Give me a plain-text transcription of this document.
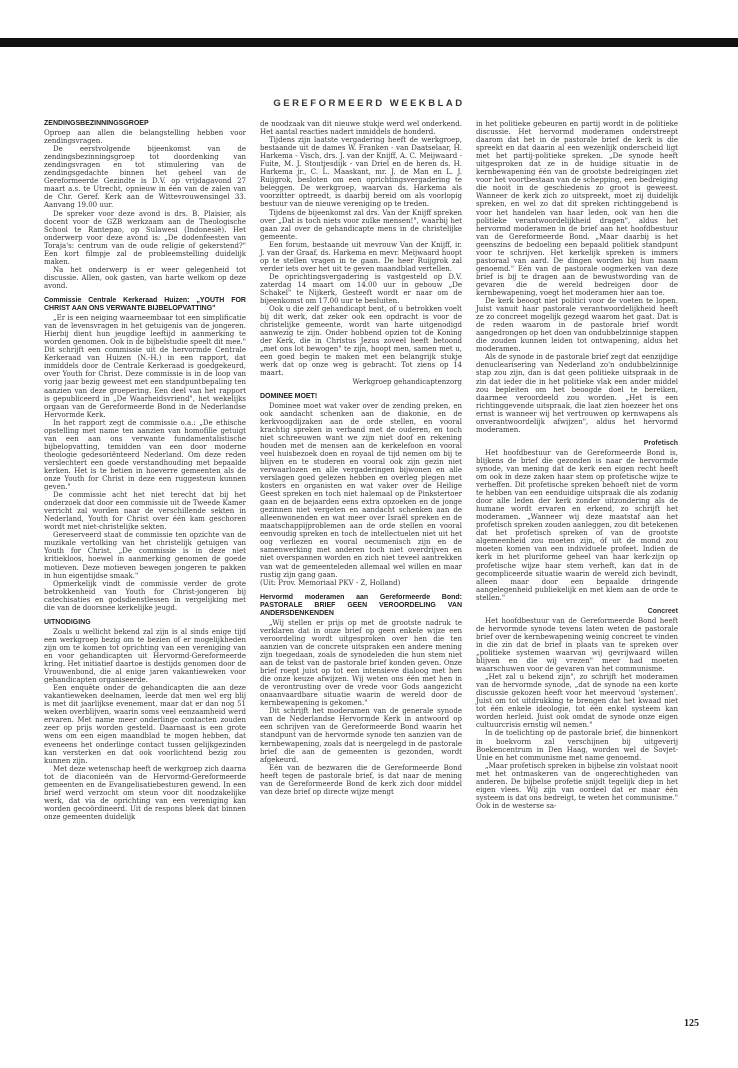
GEREFORMEERD WEEKBLAD
ZENDINGSBEZINNINGSGROEP

Oproep aan allen die belangstelling hebben voor zendingsvragen.

De eerstvolgende bijeenkomst van de zendingsbezinningsgroep tot doordenking van zendingsvragen en tot stimulering van de zendingsgedachte binnen het geheel van de Gereformeerde Gezindte is D.V. op vrijdagavond 27 maart a.s. te Utrecht, opnieuw in één van de zalen van de Chr. Geref. Kerk aan de Wittevrouwensingel 33. Aanvang 19.00 uur.

De spreker voor deze avond is drs. B. Plaisier, als docent voor de GZB werkzaam aan de Theologische School te Rantepao, op Sulawesi (Indonesië). Het onderwerp voor deze avond is: „De dodenfeesten van Toraja's: centrum van de oude religie of gekerstend?" Een kort filmpje zal de probleemstelling duidelijk maken.

Na het onderwerp is er weer gelegenheid tot discussie. Allen, ook gasten, van harte welkom op deze avond.

Commissie Centrale Kerkeraad Huizen: „YOUTH FOR CHRIST AAN ONS VERWANTE BIJBELOPVATTING"

„Er is een neiging waarneembaar tot een simplificatie van de levensvragen in het getuigenis van de jongeren. Hierbij dient hun jeugdige leeftijd in aanmerking te worden genomen. Ook in de bijbelstudie speelt dit mee." Dit schrijft een commissie uit de hervormde Centrale Kerkeraad van Huizen (N.-H.) in een rapport, dat inmiddels door de Centrale Kerkeraad is goedgekeurd, over Youth for Christ. Deze commissie is in de loop van vorig jaar bezig geweest met een standpuntbepaling ten aanzien van deze groepering. Een deel van het rapport is gepubliceerd in „De Waarheidsvriend", het wekelijks orgaan van de Gereformeerde Bond in de Nederlandse Hervormde Kerk.

In het rapport zegt de commissie o.a.: „De ethische opstelling met name ten aanzien van homofilie getuigt van een aan ons verwante fundamentalistische bijbelopvatting, temidden van een door moderne theologie gedesoriënteerd Nederland. Om deze reden verslechtert een goede verstandhouding met bepaalde kerken. Het is te betien in hoeverre gemeenten als de onze Youth for Christ in deze een ruggesteun kunnen geven."

De commissie acht het niet terecht dat bij het onderzoek dat door een commissie uit de Tweede Kamer verricht zal worden naar de verschillende sekten in Nederland, Youth for Christ over één kam geschoren wordt met niet-christelijke sekten.

Gereserveerd staat de commissie ten opzichte van de muzikale vertolking van het christelijk getuigen van Youth for Christ. „De commissie is in deze niet kritiekloos, hoewel in aanmerking genomen de goede motieven. Deze motieven bewegen jongeren te pakken in hun eigentijdse smaak."

Opmerkelijk vindt de commissie verder de grote betrokkenheid van Youth for Christ-jongeren bij catechisaties en godsdienstlessen in vergelijking met die van de doorsnee kerkelijke jeugd.

UITNODIGING

Zoals u wellicht bekend zal zijn is al sinds enige tijd een werkgroep bezig om te bezien of er mogelijkheden zijn om te komen tot oprichting van een vereniging van en voor gehandicapten uit Hervormd-Gereformeerde kring. Het initiatief daartoe is destijds genomen door de Vrouwenbond, die al enige jaren vakantieweken voor gehandicapten organiseerde.

Een enquête onder de gehandicapten die aan deze vakantieweken deelnamen, leerde dat men wel erg blij is met dit jaarlijkse evenement, maar dat er dan nog 51 weken overblijven, waarin soms veel eenzaamheid werd ervaren. Met name meer onderlinge contacten zouden zeer op prijs worden gesteld. Daarnaast is een grote wens om een eigen maandblad te mogen hebben, dat eveneens het onderlinge contact tussen gelijkgezinden kan versterken en dat ook voorlichtend bezig zou kunnen zijn.

Met deze wetenschap heeft de werkgroep zich daarna tot de diaconieën van de Hervormd-Gereformeerde gemeenten en de Evangelisatiebesturen gewend. In een brief werd verzocht om steun voor dit noodzakelijke werk, dat via de oprichting van een vereniging kan worden gecoördineerd. Uit de respons bleek dat binnen onze gemeenten duidelijk

de noodzaak van dit nieuwe stukje werd wel onderkend. Het aantal reacties nadert inmiddels de honderd.

Tijdens zijn laatste vergadering heeft de werkgroep, bestaande uit de dames W. Franken - van Daatselaar, H. Harkema - Visch, drs. J. van der Knijff, A. C. Meijwaard - Fuite, M. J. Stoutjesdijk - van Driel en de heren ds. H. Harkema jr., C. L. Maaskant, mr. J. de Man en L. J. Ruijgrok, besloten om een oprichtingsvergadering te beleggen. De werkgroep, waarvan ds. Harkema als voorzitter optreedt, is daarbij bereid om als voorlopig bestuur van de nieuwe vereniging op te treden.

Tijdens de bijeenkomst zal drs. Van der Knijff spreken over „Dat is toch niets voor zulke mensen!", waarbij het gaan zal over de gehandicapte mens in de christelijke gemeente.

Een forum, bestaande uit mevrouw Van der Knijff, ir. J. van der Graaf, ds. Harkema en mevr. Meijwaard hoopt op te stellen vragen in te gaan. De heer Ruijgrok zal verder iets over het uit te geven maandblad vertellen.

De oprichtingsvergadering is vastgesteld op D.V. zaterdag 14 maart om 14.00 uur in gebouw „De Schakel" te Nijkerk, Gesteeft wordt er naar om de bijeenkomst om 17.00 uur te besluiten.

Ook u die zelf gehandicapt bent, of u betrokken voelt bij dit werk, dat zeker ook een opdracht is voor de christelijke gemeente, wordt van harte uitgenodigd aanwezig te zijn. Onder hobbend opzien tot de Koning der Kerk, die in Christus Jezus zoveel heeft betoond „met ons lot bewogen" te zijn, hoopt men, samen met u, een goed begin te maken met een belangrijk stukje werk dat op onze weg is gebracht. Tot ziens op 14 maart.

Werkgroep gehandicaptenzorg

DOMINEE MOET!

Dominee moet wat vaker over de zending preken, en ook aandacht schenken aan de diakonie, en de kerkvoogdijzaken aan de orde stellen, en vooral krachtig spreken in verband met de ouderen, en toch niet schreeuwen want we zijn niet doof en rekening houden met de mensen aan de kerkelefoon en vooral veel huisbezoek doen en royaal de tijd nemen om bij te blijven en te studeren en vooral ook zijn gezin niet verwaarlozen en alle vergaderingen bijwonen en alle verslagen goed gelezen hebben en overleg plegen met kosters en organisten en wat vaker over de Heilige Geest spreken en toch niet halemaal op de Pinkstertoer gaan en de bejaarden eens extra opzoeken en de jonge gezinnen niet vergeten en aandacht schenken aan de alleenwonenden en wat meer over Israël spreken en de maatschappijproblemen aan de orde stellen en vooral eenvoudig spreken en toch de intellectuelen niet uit het oog verliezen en vooral oecumenisch zijn en de samenwerking met anderen toch niet overdrijven en niet overspannen worden en zich niet teveel aantrekken van wat de gemeenteleden allemaal wel willen en maar rustig zijn gang gaan.

(Uit: Prov. Memoriaal PKV - Z, Holland)

Hervormd moderamen aan Gereformeerde Bond: PASTORALE BRIEF GEEN VEROORDELING VAN ANDERSDENKENDEN

„Wij stellen er prijs op met de grootste nadruk te verklaren dat in onze brief op geen enkele wijze een veroordeling wordt uitgesproken over hen die ten aanzien van de concrete uitspraken een andere mening zijn toegedaan, zoals de synodeleden die hun stem niet aan de tekst van de pastorale brief konden geven. Onze brief roept juist op tot een intensieve dialoog met hen die onze keuze afwijzen. Wij weten ons één met hen in de verontrusting over de vrede voor Gods aangezicht onaanvaardbare situatie waarin de wereld door de kernbewapening is gekomen."

Dit schrijft het moderamen van de generale synode van de Nederlandse Hervormde Kerk in antwoord op een schrijven van de Gereformeerde Bond waarin het standpunt van de hervormde synode ten aanzien van de kernbewapening, zoals dat is neergelegd in de pastorale brief die aan de gemeenten is gezonden, wordt afgekeurd.

Eén van de bezwaren die de Gereformeerde Bond heeft tegen de pastorale brief, is dat naar de mening van de Gereformeerde Bond de kerk zich door middel van deze brief op directe wijze mengt

in het politieke gebeuren en partij wordt in de politieke discussie. Het hervormd moderamen onderstreept daarom dat het in de pastorale brief de kerk is die spreekt en dat daarin al een wezenlijk onderscheid ligt met het partij-politieke spreken. „De synode heeft uitgesproken dat ze in de huidige situatie in de kernbewapening één van de grootste bedreigingen ziet voor het voortbestaan van de schepping, een bedreiging die nooit in de geschiedenis zo groot is geweest. Wanneer de kerk zich zo uitspreekt, moet zij duidelijk spreken, en wel zo dat dit spreken richtinggebend is voor het handelen van haar leden, ook van hen die politieke verantwoordelijkheid dragen", aldus het hervormd moderamen in de brief aan het hoofdbestuur van de Gereformeerde Bond. „Maar daarbij is het geenszins de bedoeling een bepaald politiek standpunt voor te schrijven. Het kerkelijk spreken is immers pastoraal van aard. De dingen worden bij hun naam genoemd." Eén van de pastorale oogmerken van deze brief is bij te dragen aan de bewustwording van de gevaren die de wereld bedreigen door de kernbewapening, voegt het moderamen hier aan toe.

De kerk beoogt niet politici voor de voeten te lopen. Juist vanuit haar pastorale verantwoordelijkheid heeft ze zo concreet mogelijk gezegd waarom het gaat. Dat is de reden waarom in de pastorale brief wordt aangedrongen op het doen van ondubbelzinnige stappen die zouden kunnen leiden tot ontwapening, aldus het moderamen.

Als de synode in de pastorale brief zegt dat eenzijdige denuclearisering van Nederland zo'n ondubbelzinnige stap zou zijn, dan is dat geen politieke uitspraak in de zin dat ieder die in het politieke vlak een ander middel zou bepleiten om het beoogde doel te bereiken, daarmee veroordeeld zou worden. „Het is een richtinggevende uitspraak, die laat zien hoezeer het ons ernst is wanneer wij het vertrouwen op kernwapens als onverantwoordelijk afwijzen", aldus het hervormd moderamen.

Profetisch

Het hoofdbestuur van de Gereformeerde Bond is, blijkens de brief die gezonden is naar de hervormde synode, van mening dat de kerk een eigen recht heeft om ook in deze zaken haar stem op profetische wijze te verheffen. Dit profetische spreken behoeft niet de vorm te hebben van een eenduidige uitspraak die als zodanig door alle leden der kerk zonder uitzondering als de humane wordt ervaren en erkend, zo schrijft het moderamen. „Wanneer wij deze maatstaf aan het profetisch spreken zouden aanleggen, zou dit betekenen dat het profetisch spreken of van de grootste algemeenheid zou moeten zijn, óf uit de mond zou moeten komen van een individuele profeet. Indien de kerk in het pluriforme geheel van haar kerk-zijn op profetische wijze haar stem verheft, kan dat in de gecompliceerde situatie waarin de wereld zich bevindt, alleen maar door een bepaalde dringende aangelegenheid publiekelijk en met klem aan de orde te stellen."

Concreet

Het hoofdbestuur van de Gereformeerde Bond heeft de hervormde synode tevens laten weten de pastorale brief over de kernbewapening weinig concreet te vinden in die zin dat de brief in plaats van te spreken over „politieke systemen waarvan wij gevrijwaard willen blijven en die wij vrezen" meer had moeten waarschuwen voor de gevaren van het communisme.

„Het zal u bekend zijn", zo schrijft het moderamen van de hervormde synode, „dat de synode na een korte discussie gekozen heeft voor het meervoud 'systemen'. Juist om tot uitdrukking te brengen dat het kwaad niet tot één enkele ideologie, tot één enkel systeem kan worden herleid. Juist ook omdat de synode onze eigen cultuurcrisis ernstig wil nemen."

In de toelichting op de pastorale brief, die binnenkort in boekvorm zal verschijnen bij uitgeverij Boekencentrum in Den Haag, worden wel de Sovjet-Unie en het communisme met name genoemd.

„Maar profetisch spreken in bijbelse zin volstaat nooit met het ontmaskeren van de ongerechtigheden van anderen. De bijbelse profetie snijdt tegelijk diep in het eigen vlees. Wij zijn van oordeel dat er maar één systeem is dat ons bedreigt, te weten het communisme." Ook in de westerse sa-

125
